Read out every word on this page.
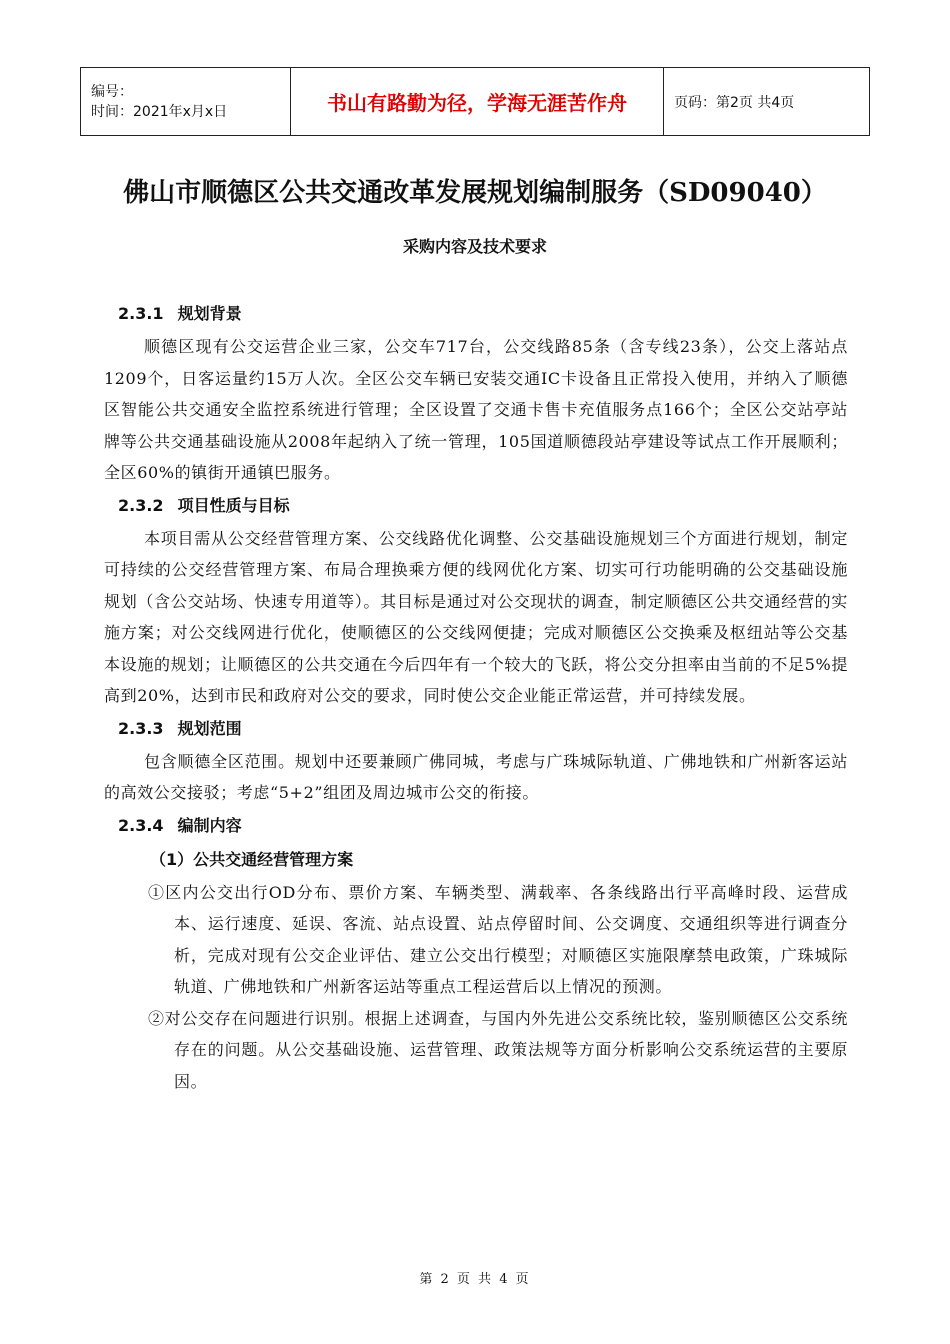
编号：
时间：2021年x月x日	书山有路勤为径，学海无涯苦作舟	页码：第2页 共4页
佛山市顺德区公共交通改革发展规划编制服务（SD09040）
采购内容及技术要求
2.3.1 规划背景

顺德区现有公交运营企业三家，公交车717台，公交线路85条（含专线23条），公交上落站点1209个，日客运量约15万人次。全区公交车辆已安装交通IC卡设备且正常投入使用，并纳入了顺德区智能公共交通安全监控系统进行管理；全区设置了交通卡售卡充值服务点166个；全区公交站亭站牌等公共交通基础设施从2008年起纳入了统一管理，105国道顺德段站亭建设等试点工作开展顺利；全区60%的镇街开通镇巴服务。

2.3.2 项目性质与目标

本项目需从公交经营管理方案、公交线路优化调整、公交基础设施规划三个方面进行规划，制定可持续的公交经营管理方案、布局合理换乘方便的线网优化方案、切实可行功能明确的公交基础设施规划（含公交站场、快速专用道等）。其目标是通过对公交现状的调查，制定顺德区公共交通经营的实施方案；对公交线网进行优化，使顺德区的公交线网便捷；完成对顺德区公交换乘及枢纽站等公交基本设施的规划；让顺德区的公共交通在今后四年有一个较大的飞跃，将公交分担率由当前的不足5%提高到20%，达到市民和政府对公交的要求，同时使公交企业能正常运营，并可持续发展。

2.3.3 规划范围

包含顺德全区范围。规划中还要兼顾广佛同城，考虑与广珠城际轨道、广佛地铁和广州新客运站的高效公交接驳；考虑“5+2”组团及周边城市公交的衔接。

2.3.4 编制内容
（1）公共交通经营管理方案

①区内公交出行OD分布、票价方案、车辆类型、满载率、各条线路出行平高峰时段、运营成本、运行速度、延误、客流、站点设置、站点停留时间、公交调度、交通组织等进行调查分析，完成对现有公交企业评估、建立公交出行模型；对顺德区实施限摩禁电政策，广珠城际轨道、广佛地铁和广州新客运站等重点工程运营后以上情况的预测。

②对公交存在问题进行识别。根据上述调查，与国内外先进公交系统比较，鉴别顺德区公交系统存在的问题。从公交基础设施、运营管理、政策法规等方面分析影响公交系统运营的主要原因。

第 2 页 共 4 页
